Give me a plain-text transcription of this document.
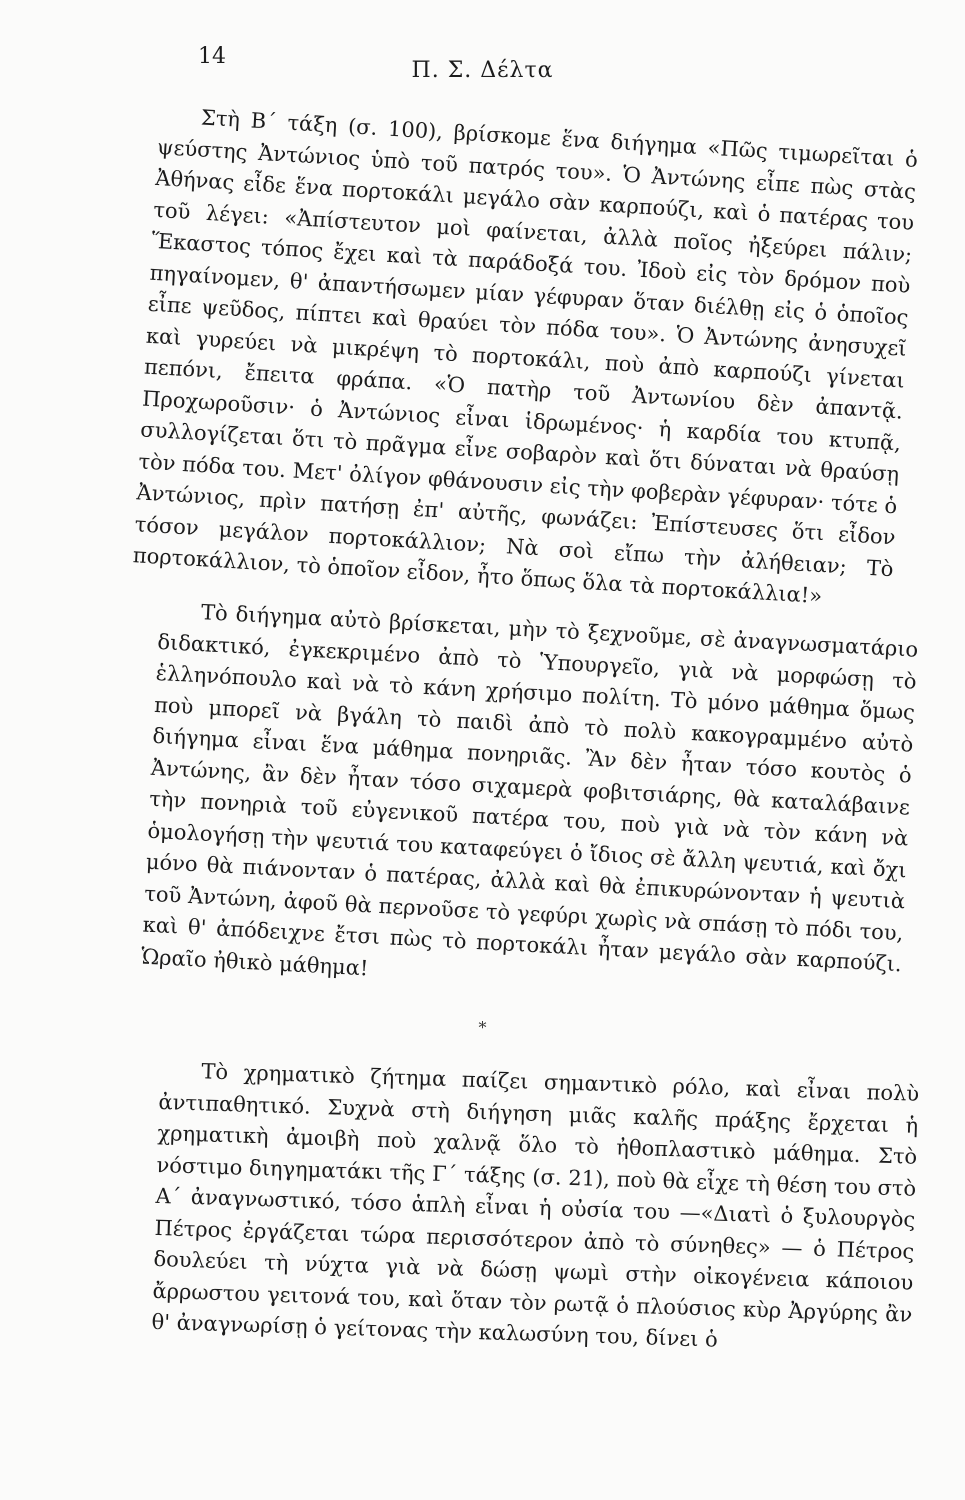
14
Π. Σ. Δέλτα

Στὴ Β΄ τάξη (σ. 100), βρίσκομε ἕνα διήγημα «Πῶς τιμωρεῖται ὁ ψεύστης Ἀντώνιος ὑπὸ τοῦ πατρός του». Ὁ Ἀντώνης εἶπε πὼς στὰς Ἀθήνας εἶδε ἕνα πορτοκάλι μεγάλο σὰν καρπούζι, καὶ ὁ πατέρας του τοῦ λέγει: «Ἀπίστευτον μοὶ φαίνεται, ἀλλὰ ποῖος ἠξεύρει πάλιν; Ἕκαστος τόπος ἔχει καὶ τὰ παράδοξά του. Ἰδοὺ εἰς τὸν δρόμον ποὺ πηγαίνομεν, θ' ἀπαντήσωμεν μίαν γέφυραν ὅταν διέλθῃ εἰς ὁ ὁποῖος εἶπε ψεῦδος, πίπτει καὶ θραύει τὸν πόδα του». Ὁ Ἀντώνης ἀνησυχεῖ καὶ γυρεύει νὰ μικρέψη τὸ πορτοκάλι, ποὺ ἀπὸ καρπούζι γίνεται πεπόνι, ἔπειτα φράπα. «Ὁ πατὴρ τοῦ Ἀντωνίου δὲν ἀπαντᾷ. Προχωροῦσιν· ὁ Ἀντώνιος εἶναι ἱδρωμένος· ἡ καρδία του κτυπᾷ, συλλογίζεται ὅτι τὸ πρᾶγμα εἶνε σοβαρὸν καὶ ὅτι δύναται νὰ θραύσῃ τὸν πόδα του. Μετ' ὀλίγον φθάνουσιν εἰς τὴν φοβερὰν γέφυραν· τότε ὁ Ἀντώνιος, πρὶν πατήσῃ ἐπ' αὐτῆς, φωνάζει: Ἐπίστευσες ὅτι εἶδον τόσον μεγάλον πορτοκάλλιον; Νὰ σοὶ εἴπω τὴν ἀλήθειαν; Τὸ πορτοκάλλιον, τὸ ὁποῖον εἶδον, ἦτο ὅπως ὅλα τὰ πορτοκάλλια!»

Τὸ διήγημα αὐτὸ βρίσκεται, μὴν τὸ ξεχνοῦμε, σὲ ἀναγνωσματάριο διδακτικό, ἐγκεκριμένο ἀπὸ τὸ Ὑπουργεῖο, γιὰ νὰ μορφώσῃ τὸ ἑλληνόπουλο καὶ νὰ τὸ κάνη χρήσιμο πολίτη. Τὸ μόνο μάθημα ὅμως ποὺ μπορεῖ νὰ βγάλη τὸ παιδὶ ἀπὸ τὸ πολὺ κακογραμμένο αὐτὸ διήγημα εἶναι ἕνα μάθημα πονηριᾶς. Ἂν δὲν ἦταν τόσο κουτὸς ὁ Ἀντώνης, ἂν δὲν ἦταν τόσο σιχαμερὰ φοβιτσιάρης, θὰ καταλάβαινε τὴν πονηριὰ τοῦ εὐγενικοῦ πατέρα του, ποὺ γιὰ νὰ τὸν κάνη νὰ ὁμολογήσῃ τὴν ψευτιά του καταφεύγει ὁ ἴδιος σὲ ἄλλη ψευτιά, καὶ ὄχι μόνο θὰ πιάνονταν ὁ πατέρας, ἀλλὰ καὶ θὰ ἐπικυρώνονταν ἡ ψευτιὰ τοῦ Ἀντώνη, ἀφοῦ θὰ περνοῦσε τὸ γεφύρι χωρὶς νὰ σπάσῃ τὸ πόδι του, καὶ θ' ἀπόδειχνε ἔτσι πὼς τὸ πορτοκάλι ἦταν μεγάλο σὰν καρπούζι. Ὡραῖο ἠθικὸ μάθημα!

*

Τὸ χρηματικὸ ζήτημα παίζει σημαντικὸ ρόλο, καὶ εἶναι πολὺ ἀντιπαθητικό. Συχνὰ στὴ διήγηση μιᾶς καλῆς πράξης ἔρχεται ἡ χρηματικὴ ἀμοιβὴ ποὺ χαλνᾷ ὅλο τὸ ἠθοπλαστικὸ μάθημα. Στὸ νόστιμο διηγηματάκι τῆς Γ΄ τάξης (σ. 21), ποὺ θὰ εἶχε τὴ θέση του στὸ Α΄ ἀναγνωστικό, τόσο ἁπλὴ εἶναι ἡ οὐσία του —«Διατὶ ὁ ξυλουργὸς Πέτρος ἐργάζεται τώρα περισσότερον ἀπὸ τὸ σύνηθες» — ὁ Πέτρος δουλεύει τὴ νύχτα γιὰ νὰ δώσῃ ψωμὶ στὴν οἰκογένεια κάποιου ἄρρωστου γειτονά του, καὶ ὅταν τὸν ρωτᾷ ὁ πλούσιος κὺρ Ἀργύρης ἂν θ' ἀναγνωρίσῃ ὁ γείτονας τὴν καλωσύνη του, δίνει ὁ
